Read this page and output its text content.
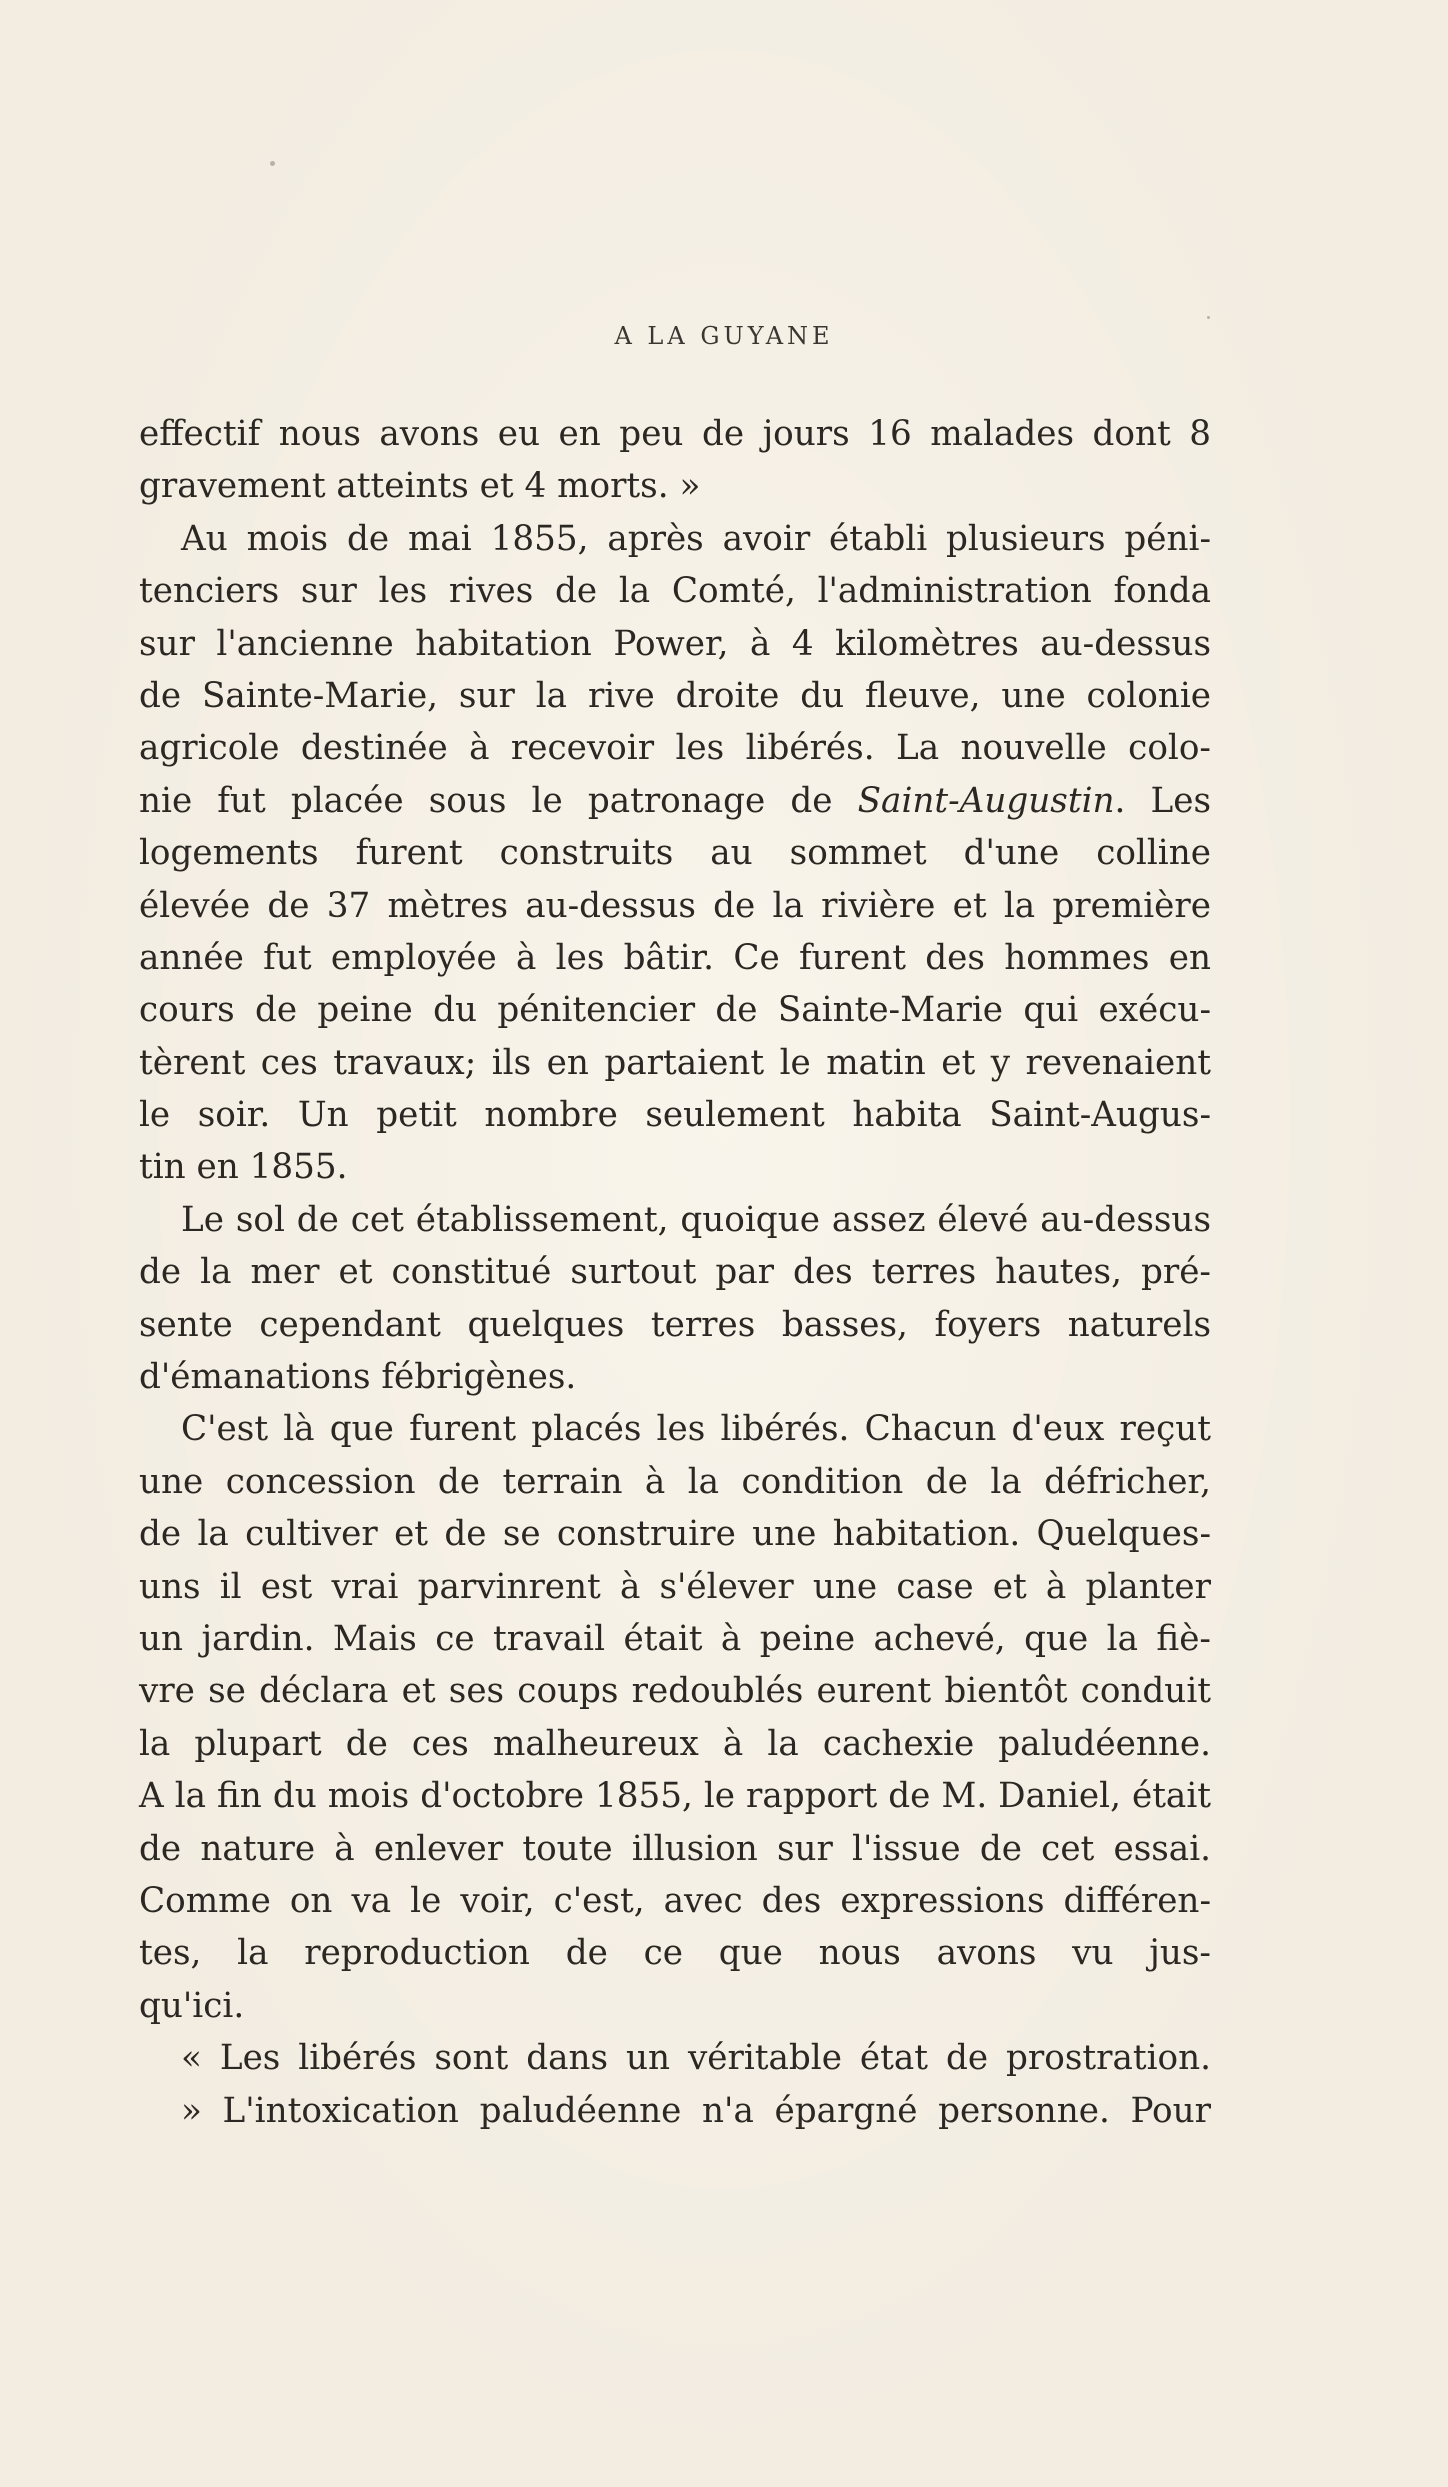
A LA GUYANE
effectif nous avons eu en peu de jours 16 malades dont 8
gravement atteints et 4 morts. »
Au mois de mai 1855, après avoir établi plusieurs péni-
tenciers sur les rives de la Comté, l'administration fonda
sur l'ancienne habitation Power, à 4 kilomètres au-dessus
de Sainte-Marie, sur la rive droite du fleuve, une colonie
agricole destinée à recevoir les libérés. La nouvelle colo-
nie fut placée sous le patronage de Saint-Augustin. Les
logements furent construits au sommet d'une colline
élevée de 37 mètres au-dessus de la rivière et la première
année fut employée à les bâtir. Ce furent des hommes en
cours de peine du pénitencier de Sainte-Marie qui exécu-
tèrent ces travaux; ils en partaient le matin et y revenaient
le soir. Un petit nombre seulement habita Saint-Augus-
tin en 1855.
Le sol de cet établissement, quoique assez élevé au-dessus
de la mer et constitué surtout par des terres hautes, pré-
sente cependant quelques terres basses, foyers naturels
d'émanations fébrigènes.
C'est là que furent placés les libérés. Chacun d'eux reçut
une concession de terrain à la condition de la défricher,
de la cultiver et de se construire une habitation. Quelques-
uns il est vrai parvinrent à s'élever une case et à planter
un jardin. Mais ce travail était à peine achevé, que la fiè-
vre se déclara et ses coups redoublés eurent bientôt conduit
la plupart de ces malheureux à la cachexie paludéenne.
A la fin du mois d'octobre 1855, le rapport de M. Daniel, était
de nature à enlever toute illusion sur l'issue de cet essai.
Comme on va le voir, c'est, avec des expressions différen-
tes, la reproduction de ce que nous avons vu jus-
qu'ici.
« Les libérés sont dans un véritable état de prostration.
» L'intoxication paludéenne n'a épargné personne. Pour
